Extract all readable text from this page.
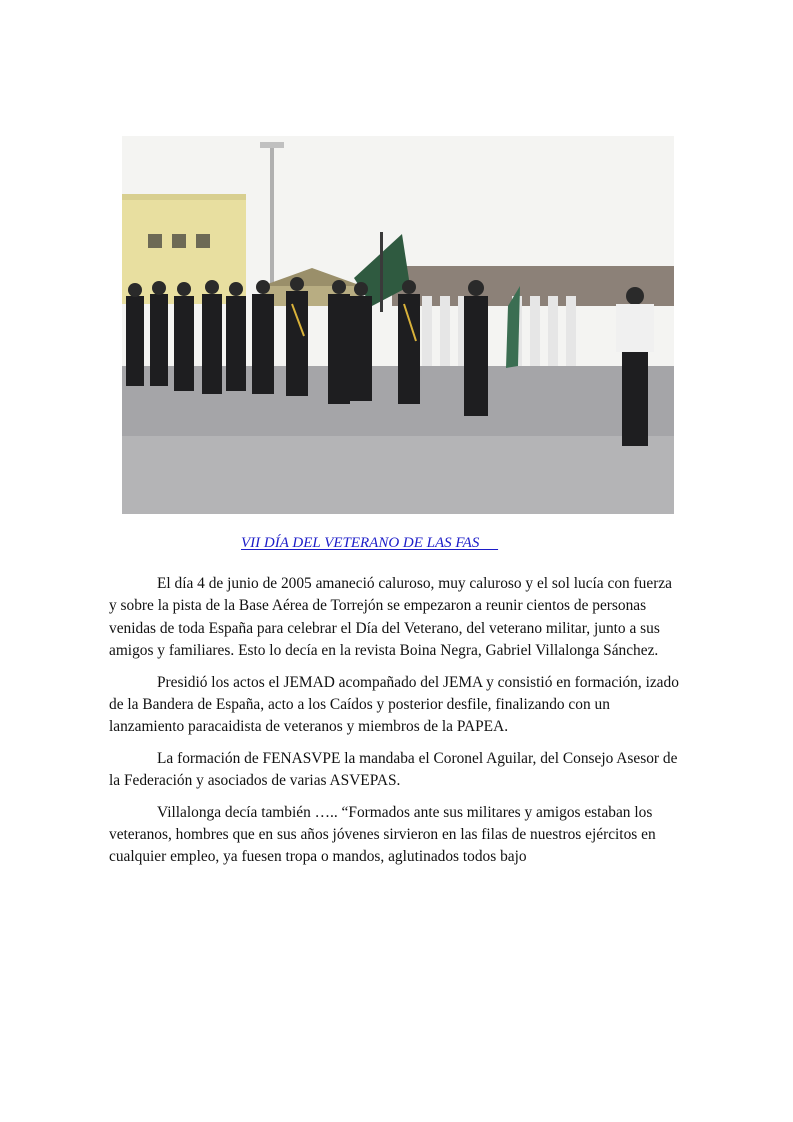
VII DÍA DEL VETERANO DE LAS FAS

El día 4 de junio de 2005 amaneció caluroso, muy caluroso y el sol lucía con fuerza y sobre la pista de la Base Aérea de Torrejón se empezaron a reunir cientos de personas venidas de toda España para celebrar el Día del Veterano, del veterano militar, junto a sus amigos y familiares. Esto lo decía en la revista Boina Negra, Gabriel Villalonga Sánchez.

Presidió los actos el JEMAD acompañado del JEMA y consistió en formación, izado de la Bandera de España, acto a los Caídos y posterior desfile, finalizando con un lanzamiento paracaidista de veteranos y miembros de la PAPEA.

La formación de FENASVPE la mandaba el Coronel Aguilar, del Consejo Asesor de la Federación y asociados de varias ASVEPAS.

Villalonga decía también ….. “Formados ante sus militares y amigos estaban los veteranos, hombres que en sus años jóvenes sirvieron en las filas de nuestros ejércitos en cualquier empleo, ya fuesen tropa o mandos, aglutinados todos bajo
